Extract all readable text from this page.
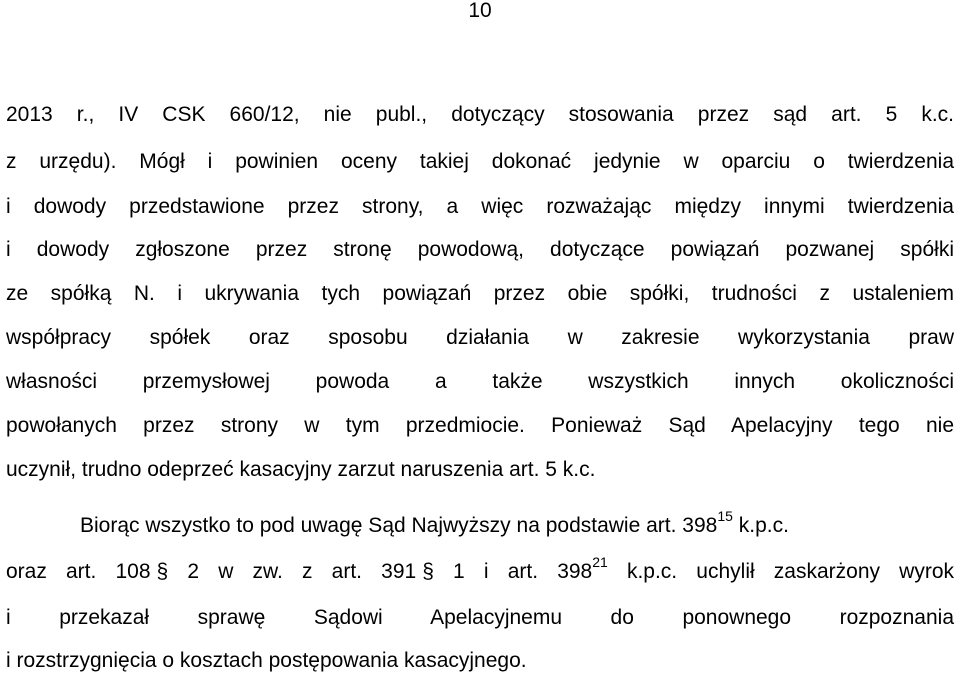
10
2013 r., IV CSK 660/12, nie publ., dotyczący stosowania przez sąd art. 5 k.c.
z urzędu). Mógł i powinien oceny takiej dokonać jedynie w oparciu o twierdzenia
i dowody przedstawione przez strony, a więc rozważając między innymi twierdzenia
i dowody zgłoszone przez stronę powodową, dotyczące powiązań pozwanej spółki
ze spółką N. i ukrywania tych powiązań przez obie spółki, trudności z ustaleniem
współpracy spółek oraz sposobu działania w zakresie wykorzystania praw
własności przemysłowej powoda a także wszystkich innych okoliczności
powołanych przez strony w tym przedmiocie. Ponieważ Sąd Apelacyjny tego nie
uczynił, trudno odeprzeć kasacyjny zarzut naruszenia art. 5 k.c.
Biorąc wszystko to pod uwagę Sąd Najwyższy na podstawie art. $398^{15}$ k.p.c.
oraz art. 108 § 2 w zw. z art. 391 § 1 i art. $398^{21}$ k.p.c. uchylił zaskarżony wyrok
i przekazał sprawę Sądowi Apelacyjnemu do ponownego rozpoznania
i rozstrzygnięcia o kosztach postępowania kasacyjnego.
